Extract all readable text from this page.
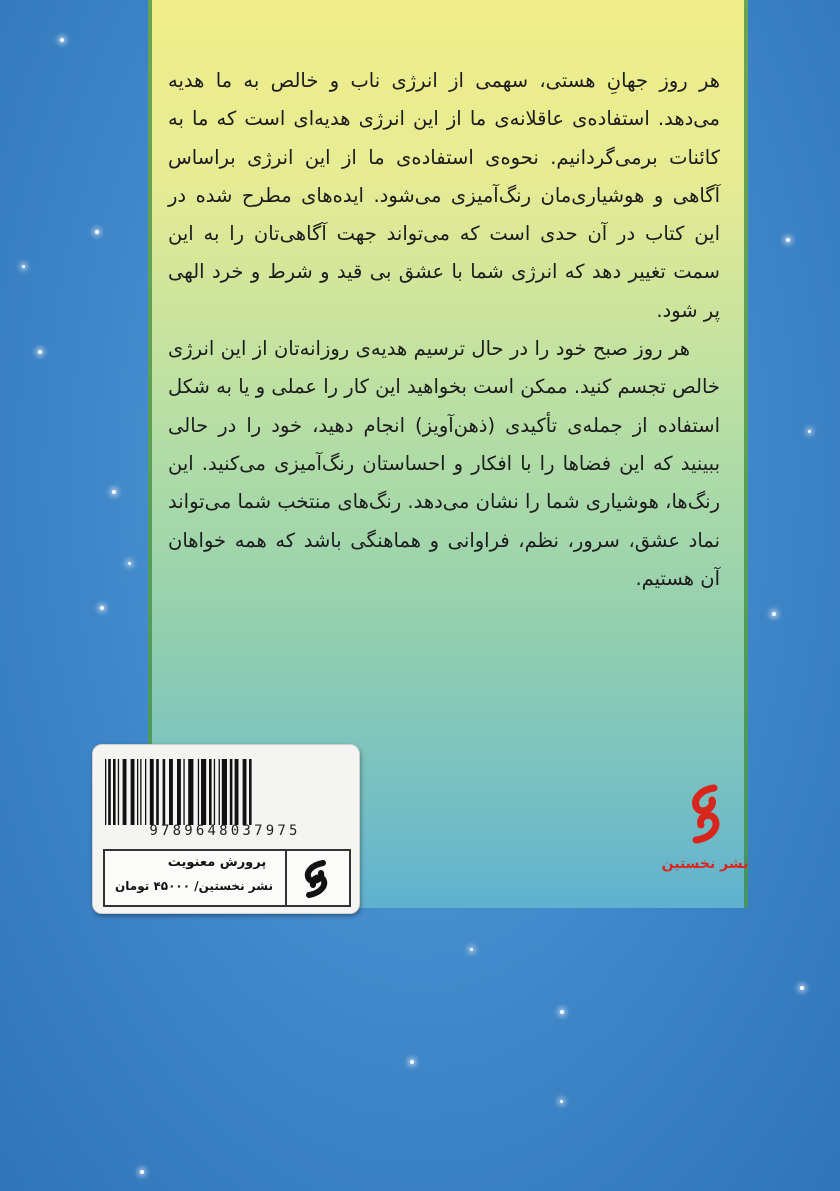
هر روز جهانِ هستی، سهمی از انرژی ناب و خالص به ما هدیه می‌دهد. استفاده‌ی عاقلانه‌ی ما از این انرژی هدیه‌ای است که ما به کائنات برمی‌گردانیم. نحوه‌ی استفاده‌ی ما از این انرژی براساس آگاهی و هوشیاری‌مان رنگ‌آمیزی می‌شود. ایده‌های مطرح شده در این کتاب در آن حدی است که می‌تواند جهت آگاهی‌تان را به این سمت تغییر دهد که انرژی شما با عشق بی قید و شرط و خرد الهی پر شود.

هر روز صبح خود را در حال ترسیم هدیه‌ی روزانه‌تان از این انرژی خالص تجسم کنید. ممکن است بخواهید این کار را عملی و یا به شکل استفاده از جمله‌ی تأکیدی (ذهن‌آویز) انجام دهید، خود را در حالی ببینید که این فضاها را با افکار و احساستان رنگ‌آمیزی می‌کنید. این رنگ‌ها، هوشیاری شما را نشان می‌دهد. رنگ‌های منتخب شما می‌تواند نماد عشق، سرور، نظم، فراوانی و هماهنگی باشد که همه خواهان آن هستیم.

9789648037975
پرورش معنویت
نشر نخستین/ ۴۵۰۰۰ تومان
نشر نخستین
